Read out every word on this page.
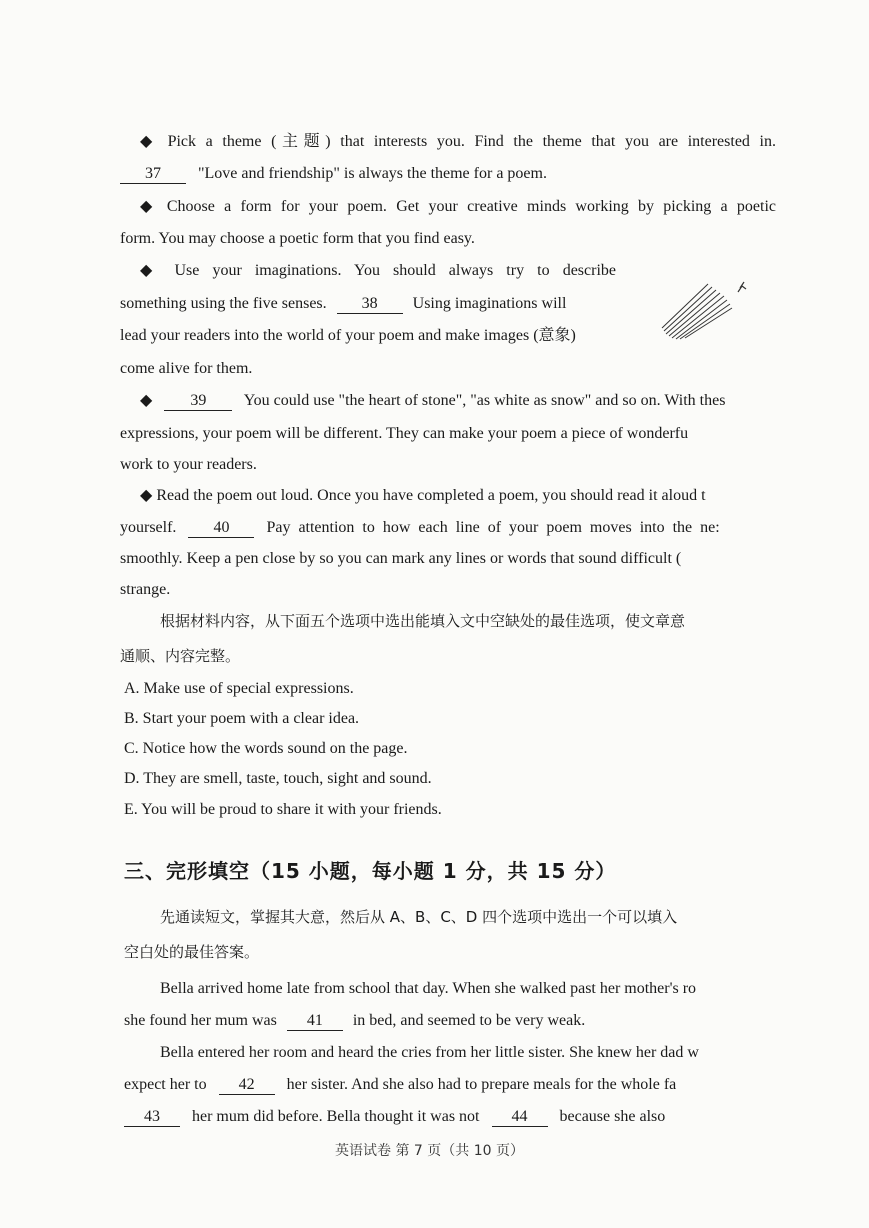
◆ Pick a theme (主题) that interests you. Find the theme that you are interested in.
37 "Love and friendship" is always the theme for a poem.
◆ Choose a form for your poem. Get your creative minds working by picking a poetic
form. You may choose a poetic form that you find easy.
◆ Use your imaginations. You should always try to describe
something using the five senses. 38 Using imaginations will
lead your readers into the world of your poem and make images (意象)
come alive for them.
◆ 39 You could use "the heart of stone", "as white as snow" and so on. With thes
expressions, your poem will be different. They can make your poem a piece of wonderfu
work to your readers.
◆ Read the poem out loud. Once you have completed a poem, you should read it aloud t
yourself. 40 Pay attention to how each line of your poem moves into the ne:
smoothly. Keep a pen close by so you can mark any lines or words that sound difficult (
strange.
根据材料内容，从下面五个选项中选出能填入文中空缺处的最佳选项，使文章意
通顺、内容完整。
A. Make use of special expressions.
B. Start your poem with a clear idea.
C. Notice how the words sound on the page.
D. They are smell, taste, touch, sight and sound.
E. You will be proud to share it with your friends.
三、完形填空（15 小题，每小题 1 分，共 15 分）
先通读短文，掌握其大意，然后从 A、B、C、D 四个选项中选出一个可以填入
空白处的最佳答案。
Bella arrived home late from school that day. When she walked past her mother's ro
she found her mum was 41 in bed, and seemed to be very weak.
Bella entered her room and heard the cries from her little sister. She knew her dad w
expect her to 42 her sister. And she also had to prepare meals for the whole fa
43 her mum did before. Bella thought it was not 44 because she also
英语试卷 第 7 页（共 10 页）
